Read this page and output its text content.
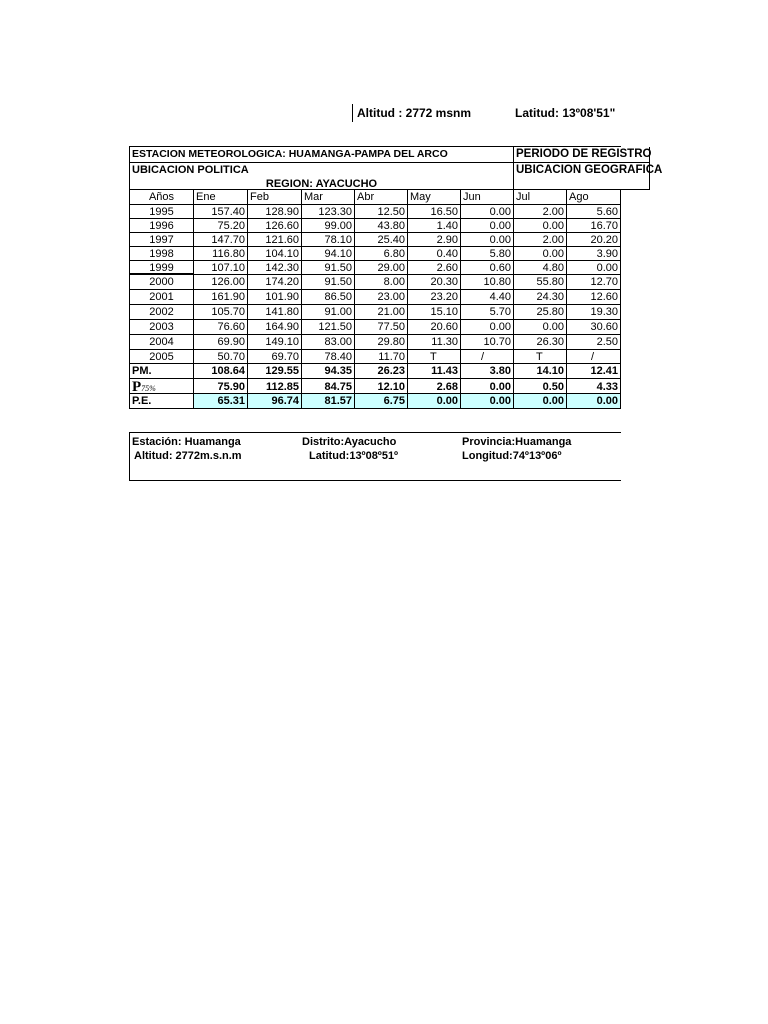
Altitud : 2772 msnm	Latitud: 13º08'51"
ESTACION METEOROLOGICA: HUAMANGA-PAMPA DEL ARCO	PERIODO DE REGISTRO
UBICACION POLITICA	UBICACION GEOGRAFICA
REGION: AYACUCHO
Años	Ene	Feb	Mar	Abr	May	Jun	Jul	Ago
1995	157.40	128.90	123.30	12.50	16.50	0.00	2.00	5.60
1996	75.20	126.60	99.00	43.80	1.40	0.00	0.00	16.70
1997	147.70	121.60	78.10	25.40	2.90	0.00	2.00	20.20
1998	116.80	104.10	94.10	6.80	0.40	5.80	0.00	3.90
1999	107.10	142.30	91.50	29.00	2.60	0.60	4.80	0.00
2000	126.00	174.20	91.50	8.00	20.30	10.80	55.80	12.70
2001	161.90	101.90	86.50	23.00	23.20	4.40	24.30	12.60
2002	105.70	141.80	91.00	21.00	15.10	5.70	25.80	19.30
2003	76.60	164.90	121.50	77.50	20.60	0.00	0.00	30.60
2004	69.90	149.10	83.00	29.80	11.30	10.70	26.30	2.50
2005	50.70	69.70	78.40	11.70	T	/	T	/
PM.	108.64	129.55	94.35	26.23	11.43	3.80	14.10	12.41
P75%	75.90	112.85	84.75	12.10	2.68	0.00	0.50	4.33
P.E.	65.31	96.74	81.57	6.75	0.00	0.00	0.00	0.00
Estación: Huamanga	Distrito:Ayacucho	Provincia:Huamanga
Altitud: 2772m.s.n.m	Latitud:13º08º51º	Longitud:74º13º06º
